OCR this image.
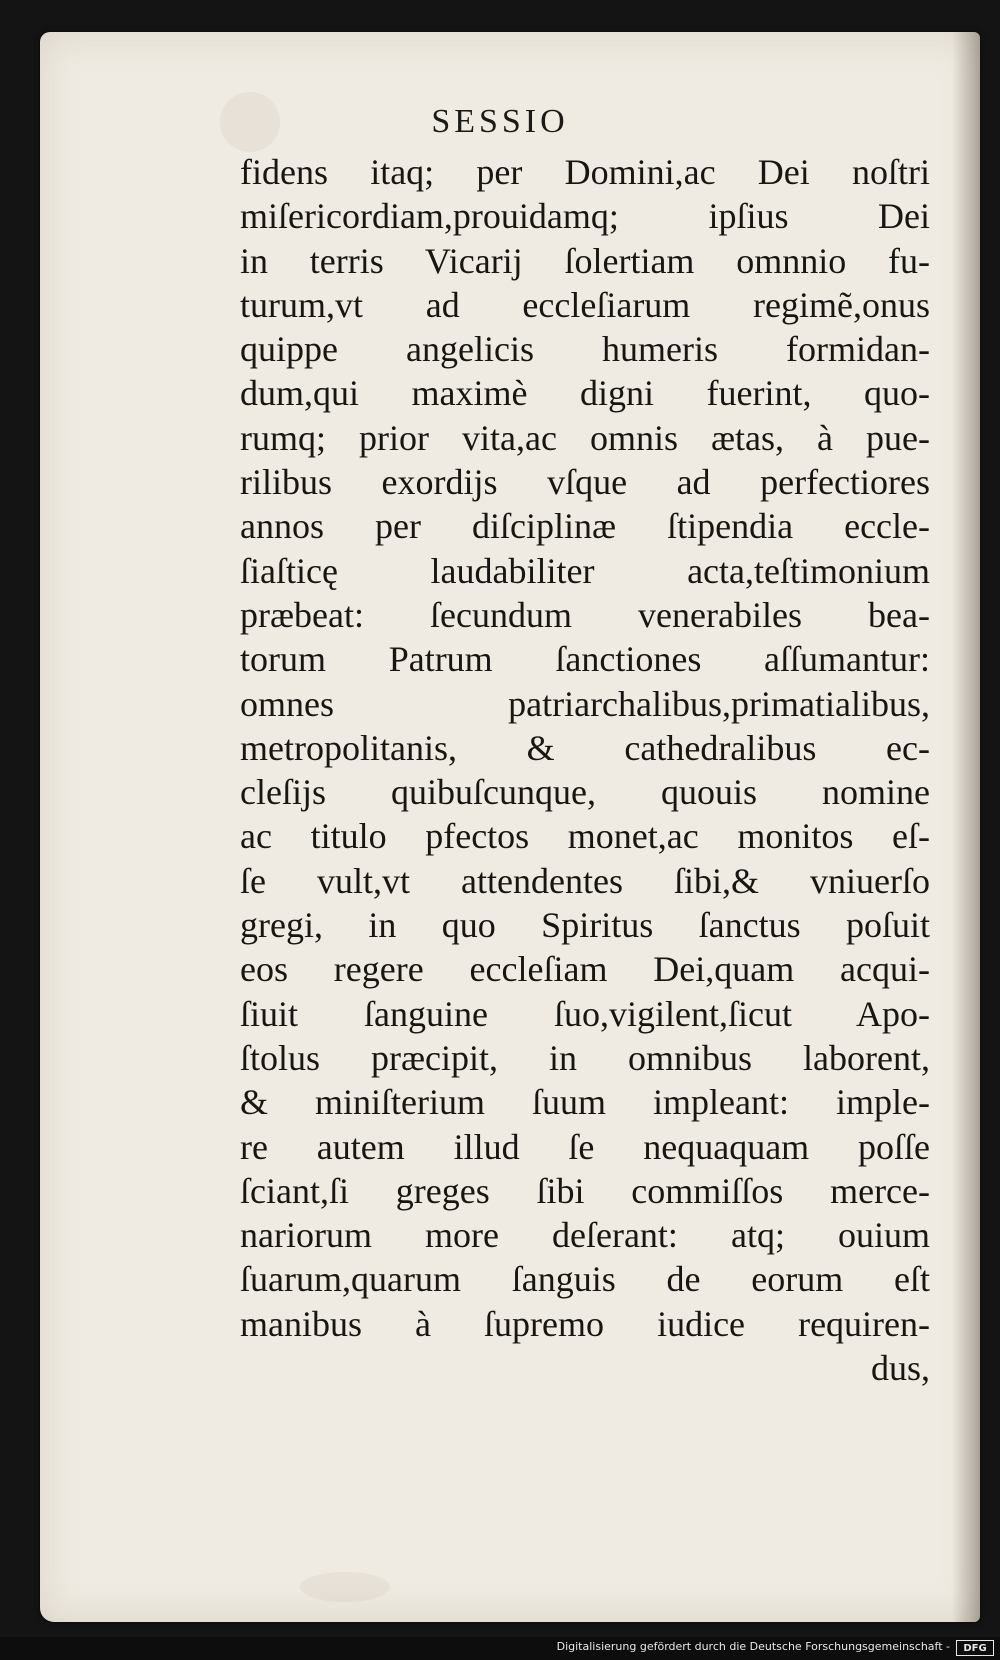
SESSIO
fidens itaq; per Domini,ac Dei noſtri
miſericordiam,prouidamq; ipſius Dei
in terris Vicarij ſolertiam omnnio fu-
turum,vt ad eccleſiarum regimẽ,onus
quippe angelicis humeris formidan-
dum,qui maximè digni fuerint, quo-
rumq; prior vita,ac omnis ætas, à pue-
rilibus exordijs vſque ad perfectiores
annos per diſciplinæ ſtipendia eccle-
ſiaſticę laudabiliter acta,teſtimonium
præbeat: ſecundum venerabiles bea-
torum Patrum ſanctiones aſſumantur:
omnes patriarchalibus,primatialibus,
metropolitanis, & cathedralibus ec-
cleſijs quibuſcunque, quouis nomine
ac titulo pfectos monet,ac monitos eſ-
ſe vult,vt attendentes ſibi,& vniuerſo
gregi, in quo Spiritus ſanctus poſuit
eos regere eccleſiam Dei,quam acqui-
ſiuit ſanguine ſuo,vigilent,ſicut Apo-
ſtolus præcipit, in omnibus laborent,
& miniſterium ſuum impleant: imple-
re autem illud ſe nequaquam poſſe
ſciant,ſi greges ſibi commiſſos merce-
nariorum more deſerant: atq; ouium
ſuarum,quarum ſanguis de eorum eſt
manibus à ſupremo iudice requiren-
dus,
Digitalisierung gefördert durch die Deutsche Forschungsgemeinschaft -	DFG
